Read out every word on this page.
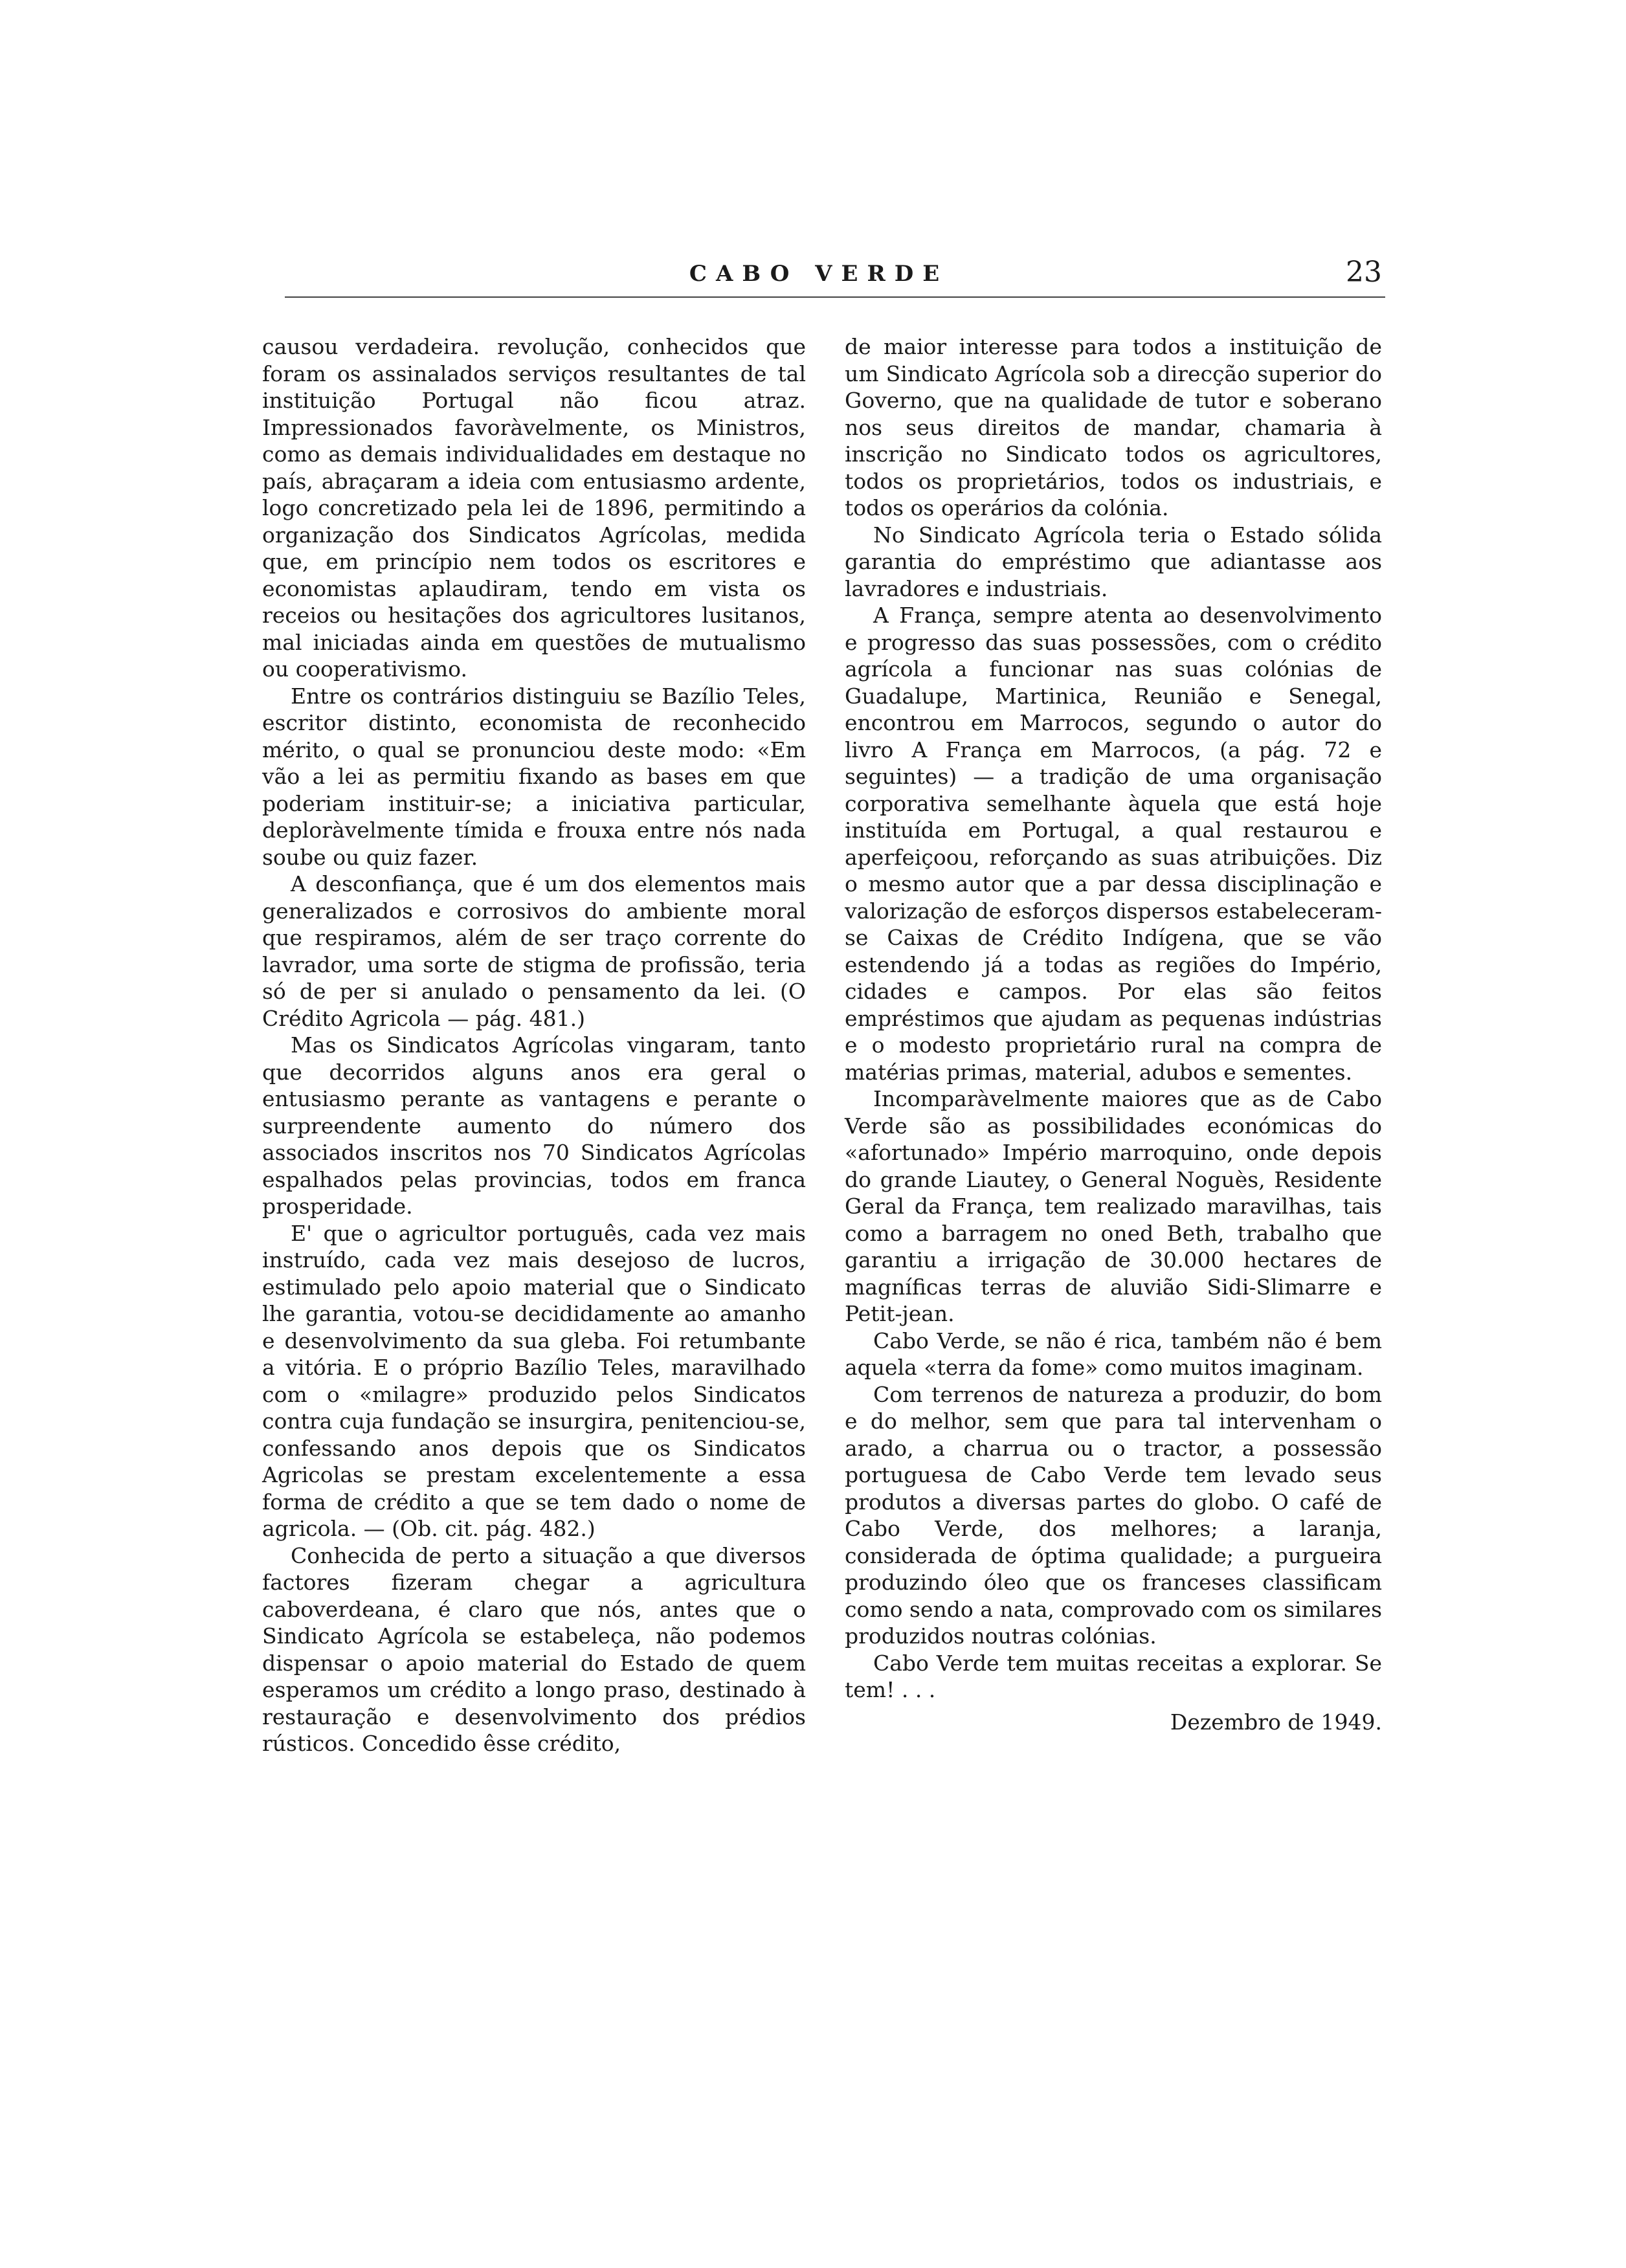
CABO VERDE	23

causou verdadeira. revolução, conhecidos que foram os assinalados serviços resultantes de tal instituição Portugal não ficou atraz. Impressionados favoràvelmente, os Ministros, como as demais individualidades em destaque no país, abraçaram a ideia com entusiasmo ardente, logo concretizado pela lei de 1896, permitindo a organização dos Sindicatos Agrícolas, medida que, em princípio nem todos os escritores e economistas aplaudiram, tendo em vista os receios ou hesitações dos agricultores lusitanos, mal iniciadas ainda em questões de mutualismo ou cooperativismo.

Entre os contrários distinguiu se Bazílio Teles, escritor distinto, economista de reconhecido mérito, o qual se pronunciou deste modo: «Em vão a lei as permitiu fixando as bases em que poderiam instituir-se; a iniciativa particular, deploràvelmente tímida e frouxa entre nós nada soube ou quiz fazer.

A desconfiança, que é um dos elementos mais generalizados e corrosivos do ambiente moral que respiramos, além de ser traço corrente do lavrador, uma sorte de stigma de profissão, teria só de per si anulado o pensamento da lei. (O Crédito Agricola — pág. 481.)

Mas os Sindicatos Agrícolas vingaram, tanto que decorridos alguns anos era geral o entusiasmo perante as vantagens e perante o surpreendente aumento do número dos associados inscritos nos 70 Sindicatos Agrícolas espalhados pelas provincias, todos em franca prosperidade.

E' que o agricultor português, cada vez mais instruído, cada vez mais desejoso de lucros, estimulado pelo apoio material que o Sindicato lhe garantia, votou-se decididamente ao amanho e desenvolvimento da sua gleba. Foi retumbante a vitória. E o próprio Bazílio Teles, maravilhado com o «milagre» produzido pelos Sindicatos contra cuja fundação se insurgira, penitenciou-se, confessando anos depois que os Sindicatos Agricolas se prestam excelentemente a essa forma de crédito a que se tem dado o nome de agricola. — (Ob. cit. pág. 482.)

Conhecida de perto a situação a que diversos factores fizeram chegar a agricultura caboverdeana, é claro que nós, antes que o Sindicato Agrícola se estabeleça, não podemos dispensar o apoio material do Estado de quem esperamos um crédito a longo praso, destinado à restauração e desenvolvimento dos prédios rústicos. Concedido êsse crédito,

de maior interesse para todos a instituição de um Sindicato Agrícola sob a direcção superior do Governo, que na qualidade de tutor e soberano nos seus direitos de mandar, chamaria à inscrição no Sindicato todos os agricultores, todos os proprietários, todos os industriais, e todos os operários da colónia.

No Sindicato Agrícola teria o Estado sólida garantia do empréstimo que adiantasse aos lavradores e industriais.

A França, sempre atenta ao desenvolvimento e progresso das suas possessões, com o crédito agrícola a funcionar nas suas colónias de Guadalupe, Martinica, Reunião e Senegal, encontrou em Marrocos, segundo o autor do livro A França em Marrocos, (a pág. 72 e seguintes) — a tradição de uma organisação corporativa semelhante àquela que está hoje instituída em Portugal, a qual restaurou e aperfeiçoou, reforçando as suas atribuições. Diz o mesmo autor que a par dessa disciplinação e valorização de esforços dispersos estabeleceram-se Caixas de Crédito Indígena, que se vão estendendo já a todas as regiões do Império, cidades e campos. Por elas são feitos empréstimos que ajudam as pequenas indústrias e o modesto proprietário rural na compra de matérias primas, material, adubos e sementes.

Incomparàvelmente maiores que as de Cabo Verde são as possibilidades económicas do «afortunado» Império marroquino, onde depois do grande Liautey, o General Noguès, Residente Geral da França, tem realizado maravilhas, tais como a barragem no oned Beth, trabalho que garantiu a irrigação de 30.000 hectares de magníficas terras de aluvião Sidi-Slimarre e Petit-jean.

Cabo Verde, se não é rica, também não é bem aquela «terra da fome» como muitos imaginam.

Com terrenos de natureza a produzir, do bom e do melhor, sem que para tal intervenham o arado, a charrua ou o tractor, a possessão portuguesa de Cabo Verde tem levado seus produtos a diversas partes do globo. O café de Cabo Verde, dos melhores; a laranja, considerada de óptima qualidade; a purgueira produzindo óleo que os franceses classificam como sendo a nata, comprovado com os similares produzidos noutras colónias.

Cabo Verde tem muitas receitas a explorar. Se tem! . . .

Dezembro de 1949.
